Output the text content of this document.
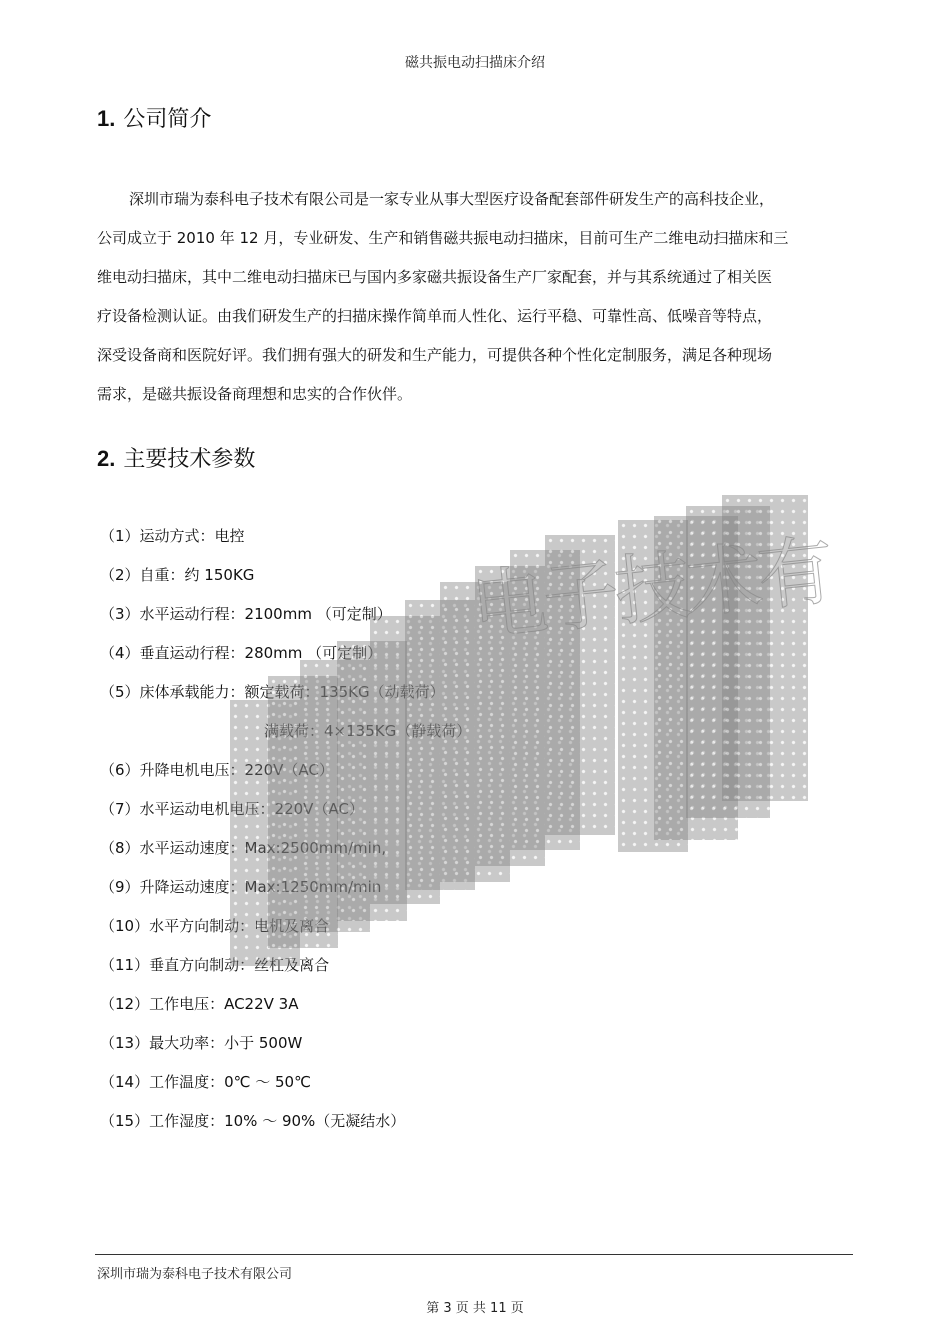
磁共振电动扫描床介绍
1. 公司简介
深圳市瑞为泰科电子技术有限公司是一家专业从事大型医疗设备配套部件研发生产的高科技企业，
公司成立于 2010 年 12 月，专业研发、生产和销售磁共振电动扫描床，目前可生产二维电动扫描床和三
维电动扫描床，其中二维电动扫描床已与国内多家磁共振设备生产厂家配套，并与其系统通过了相关医
疗设备检测认证。由我们研发生产的扫描床操作简单而人性化、运行平稳、可靠性高、低噪音等特点，
深受设备商和医院好评。我们拥有强大的研发和生产能力，可提供各种个性化定制服务，满足各种现场
需求，是磁共振设备商理想和忠实的合作伙伴。
2. 主要技术参数
（1）运动方式：电控
（2）自重：约 150KG
（3）水平运动行程：2100mm （可定制）
（4）垂直运动行程：280mm （可定制）
（5）床体承载能力：额定载荷：135KG（动载荷）
满载荷：4×135KG（静载荷）
（6）升降电机电压：220V（AC）
（7）水平运动电机电压：220V（AC）
（8）水平运动速度：Max:2500mm/min,
（9）升降运动速度：Max:1250mm/min
（10）水平方向制动：电机及离合
（11）垂直方向制动：丝杠及离合
（12）工作电压：AC22V 3A
（13）最大功率：小于 500W
（14）工作温度：0℃ ～ 50℃
（15）工作湿度：10% ～ 90%（无凝结水）
电子技术有
深圳市瑞为泰科电子技术有限公司
第 3 页 共 11 页
